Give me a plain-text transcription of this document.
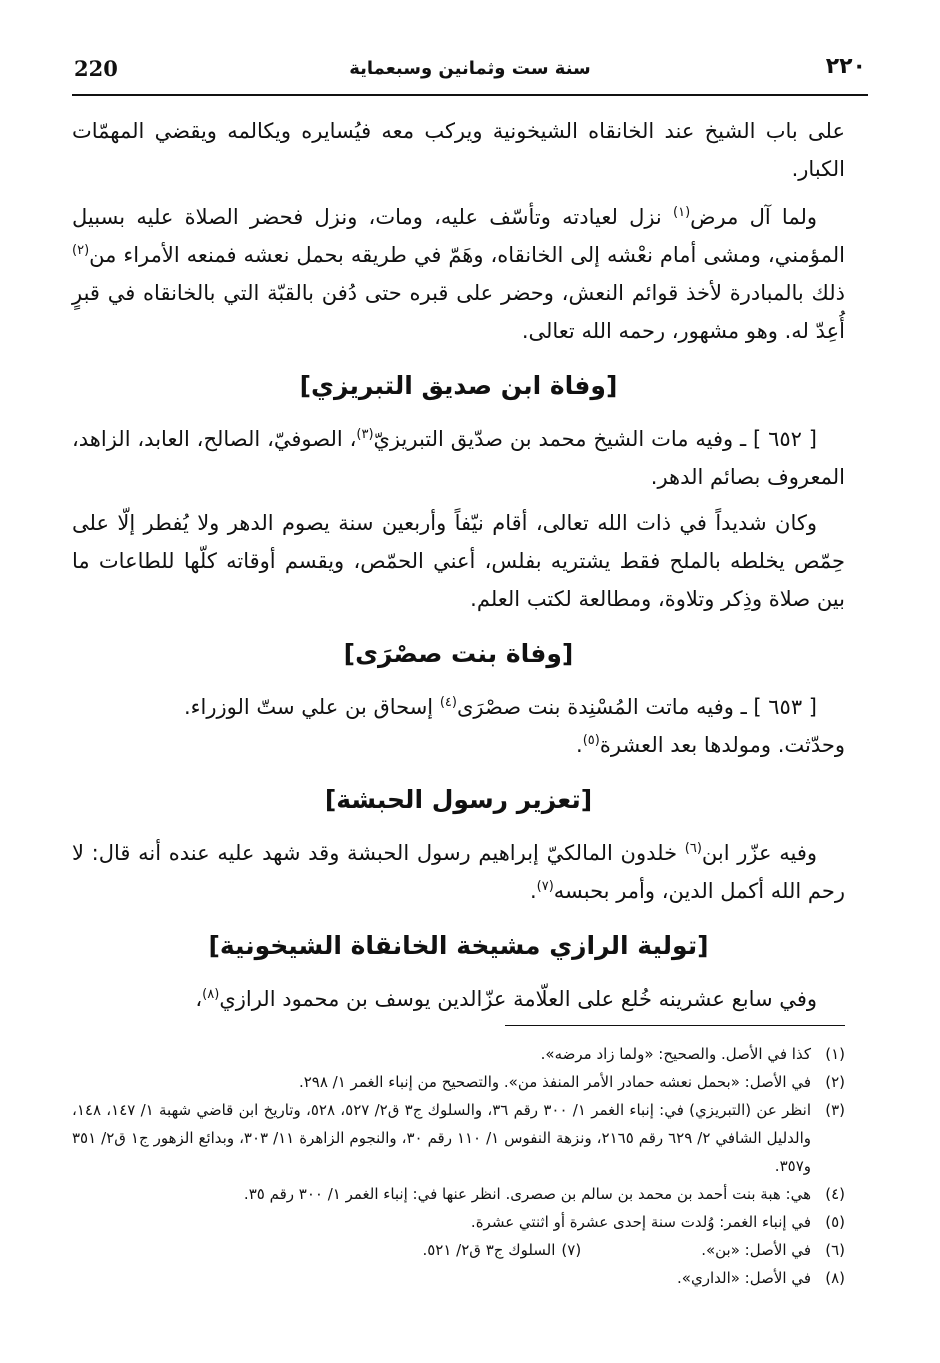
220	سنة ست وثمانين وسبعماية	٢٢٠

على باب الشيخ عند الخانقاه الشيخونية ويركب معه فيُسايره ويكالمه ويقضي المهمّات الكبار.

ولما آل مرض$^{(١)}$ نزل لعيادته وتأسّف عليه، ومات، ونزل فحضر الصلاة عليه بسبيل المؤمني، ومشى أمام نعْشه إلى الخانقاه، وهَمّ في طريقه بحمل نعشه فمنعه الأمراء من$^{(٢)}$ ذلك بالمبادرة لأخذ قوائم النعش، وحضر على قبره حتى دُفن بالقبّة التي بالخانقاه في قبرٍ أُعِدّ له. وهو مشهور، رحمه الله تعالى.

[وفاة ابن صديق التبريزي]

[ ٦٥٢ ] ـ وفيه مات الشيخ محمد بن صدّيق التبريزيّ$^{(٣)}$، الصوفيّ، الصالح، العابد، الزاهد، المعروف بصائم الدهر.

وكان شديداً في ذات الله تعالى، أقام نيّفاً وأربعين سنة يصوم الدهر ولا يُفطر إلّا على حِمّص يخلطه بالملح فقط يشتريه بفلس، أعني الحمّص، ويقسم أوقاته كلّها للطاعات ما بين صلاة وذِكر وتلاوة، ومطالعة لكتب العلم.

[وفاة بنت صصْرَى]

[ ٦٥٣ ] ـ وفيه ماتت المُسْنِدة بنت صصْرَى$^{(٤)}$ إسحاق بن علي ستّ الوزراء.

وحدّثت. ومولدها بعد العشرة$^{(٥)}$.

[تعزير رسول الحبشة]

وفيه عزّر ابن$^{(٦)}$ خلدون المالكيّ إبراهيم رسول الحبشة وقد شهد عليه عنده أنه قال: لا رحم الله أكمل الدين، وأمر بحبسه$^{(٧)}$.

[تولية الرازي مشيخة الخانقاة الشيخونية]

وفي سابع عشرينه خُلع على العلّامة عزّالدين يوسف بن محمود الرازي$^{(٨)}$،

(١)
كذا في الأصل. والصحيح: «ولما زاد مرضه».
(٢)
في الأصل: «بحمل نعشه حمادر الأمر المنفذ من». والتصحيح من إنباء الغمر ١/ ٢٩٨.
(٣)
انظر عن (التبريزي) في: إنباء الغمر ١/ ٣٠٠ رقم ٣٦، والسلوك ج٣ ق٢/ ٥٢٧، ٥٢٨، وتاريخ ابن قاضي شهبة ١/ ١٤٧، ١٤٨، والدليل الشافي ٢/ ٦٢٩ رقم ٢١٦٥، ونزهة النفوس ١/ ١١٠ رقم ٣٠، والنجوم الزاهرة ١١/ ٣٠٣، وبدائع الزهور ج١ ق٢/ ٣٥١ و٣٥٧.
(٤)
هي: هبة بنت أحمد بن محمد بن سالم بن صصرى. انظر عنها في: إنباء الغمر ١/ ٣٠٠ رقم ٣٥.
(٥)
في إنباء الغمر: وُلدت سنة إحدى عشرة أو اثنتي عشرة.
(٦)
في الأصل: «بن».
(٧)
السلوك ج٣ ق٢/ ٥٢١.
(٨)
في الأصل: «الداري».
